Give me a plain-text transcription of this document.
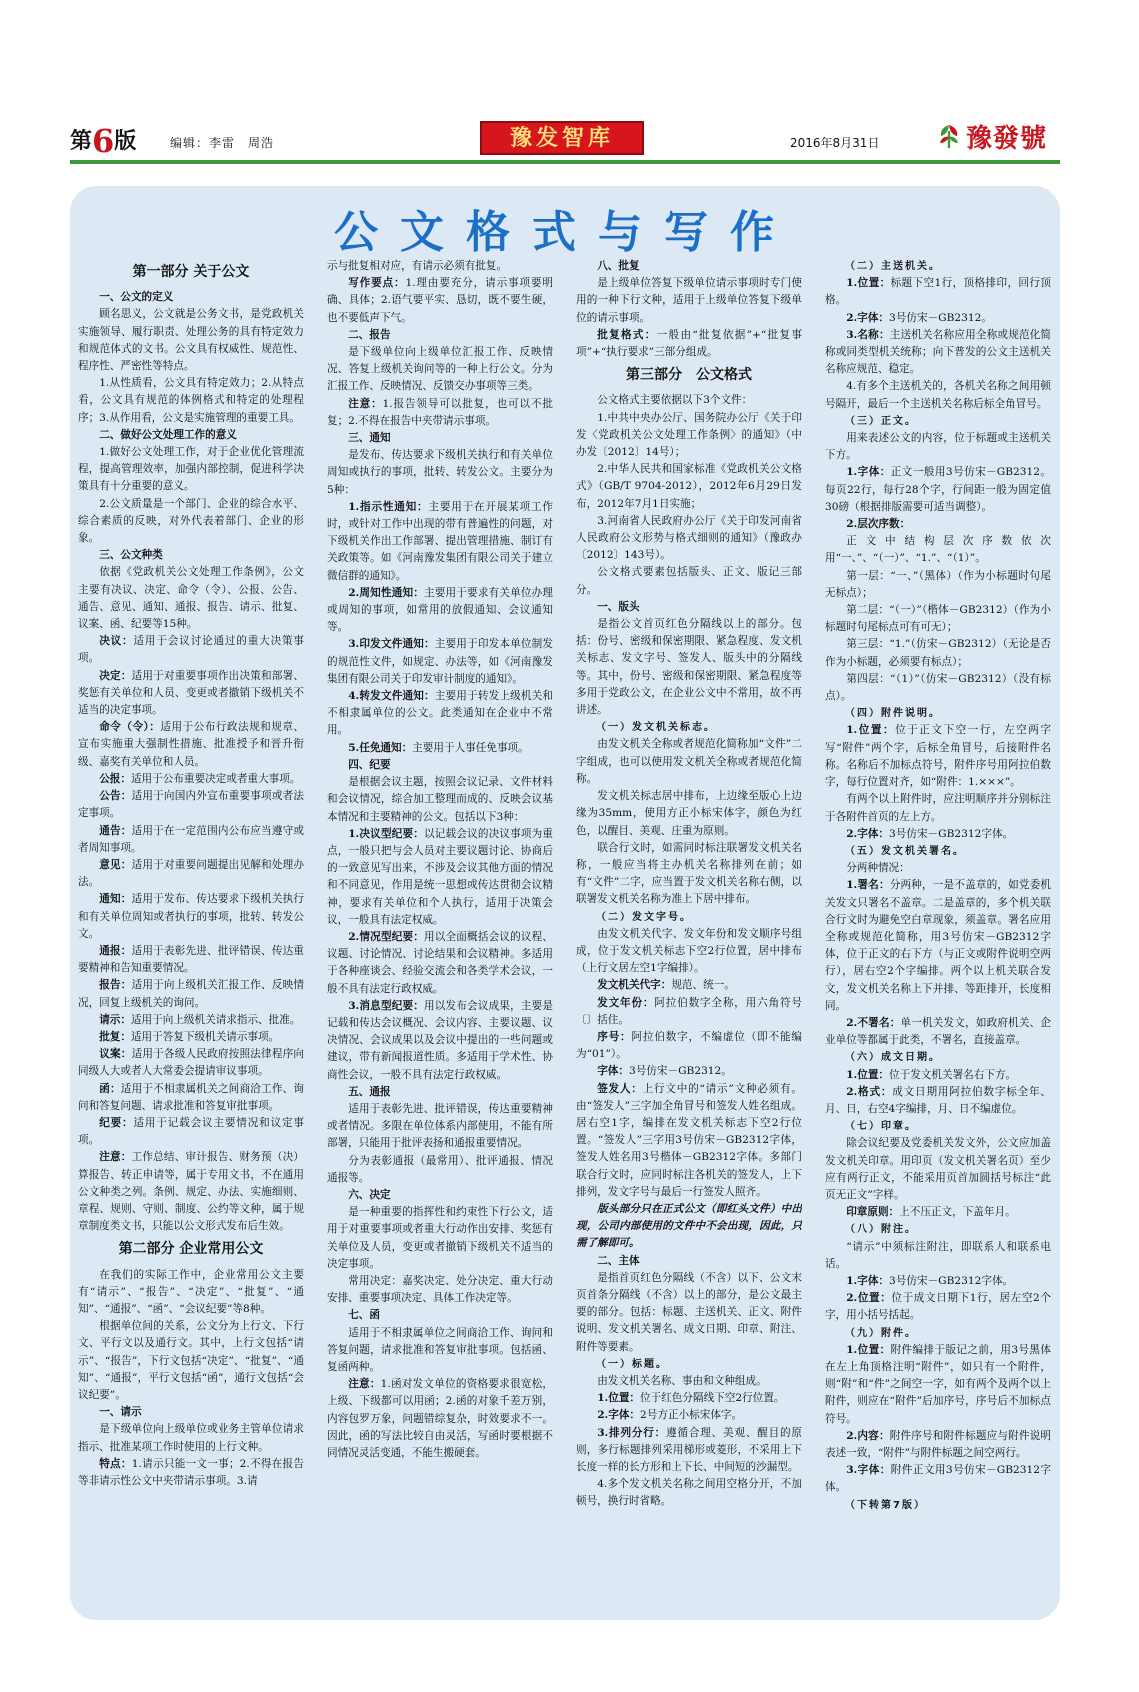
第6版	编辑：李雷　周浩	豫发智库	2016年8月31日	豫發號
公文格式与写作

第一部分 关于公文

一、公文的定义

顾名思义，公文就是公务文书，是党政机关实施领导、履行职责、处理公务的具有特定效力和规范体式的文书。公文具有权威性、规范性、程序性、严密性等特点。

1.从性质看，公文具有特定效力；2.从特点看，公文具有规范的体例格式和特定的处理程序；3.从作用看，公文是实施管理的重要工具。

二、做好公文处理工作的意义

1.做好公文处理工作，对于企业优化管理流程，提高管理效率，加强内部控制，促进科学决策具有十分重要的意义。

2.公文质量是一个部门、企业的综合水平、综合素质的反映，对外代表着部门、企业的形象。

三、公文种类

依据《党政机关公文处理工作条例》，公文主要有决议、决定、命令（令）、公报、公告、通告、意见、通知、通报、报告、请示、批复、议案、函、纪要等15种。

决议：适用于会议讨论通过的重大决策事项。

决定：适用于对重要事项作出决策和部署、奖惩有关单位和人员、变更或者撤销下级机关不适当的决定事项。

命令（令）：适用于公布行政法规和规章、宣布实施重大强制性措施、批准授予和晋升衔级、嘉奖有关单位和人员。

公报：适用于公布重要决定或者重大事项。

公告：适用于向国内外宣布重要事项或者法定事项。

通告：适用于在一定范围内公布应当遵守或者周知事项。

意见：适用于对重要问题提出见解和处理办法。

通知：适用于发布、传达要求下级机关执行和有关单位周知或者执行的事项，批转、转发公文。

通报：适用于表彰先进、批评错误、传达重要精神和告知重要情况。

报告：适用于向上级机关汇报工作、反映情况，回复上级机关的询问。

请示：适用于向上级机关请求指示、批准。

批复：适用于答复下级机关请示事项。

议案：适用于各级人民政府按照法律程序向同级人大或者人大常委会提请审议事项。

函：适用于不相隶属机关之间商洽工作、询问和答复问题、请求批准和答复审批事项。

纪要：适用于记载会议主要情况和议定事项。

注意：工作总结、审计报告、财务预（决）算报告、转正申请等，属于专用文书，不在通用公文种类之列。条例、规定、办法、实施细则、章程、规则、守则、制度、公约等文种，属于规章制度类文书，只能以公文形式发布后生效。

第二部分 企业常用公文

在我们的实际工作中，企业常用公文主要有“请示”、“报告”、“决定”、“批复”、“通知”、“通报”、“函”、“会议纪要”等8种。

根据单位间的关系，公文分为上行文、下行文、平行文以及通行文。其中，上行文包括“请示”、“报告”，下行文包括“决定”、“批复”、“通知”、“通报”，平行文包括“函”，通行文包括“会议纪要”。

一、请示

是下级单位向上级单位或业务主管单位请求指示、批准某项工作时使用的上行文种。

特点：1.请示只能一文一事；2.不得在报告等非请示性公文中夹带请示事项。3.请

示与批复相对应，有请示必须有批复。

写作要点：1.理由要充分，请示事项要明确、具体；2.语气要平实、恳切，既不要生硬，也不要低声下气。

二、报告

是下级单位向上级单位汇报工作、反映情况、答复上级机关询问等的一种上行公文。分为汇报工作、反映情况、反馈交办事项等三类。

注意：1.报告领导可以批复，也可以不批复；2.不得在报告中夹带请示事项。

三、通知

是发布、传达要求下级机关执行和有关单位周知或执行的事项，批转、转发公文。主要分为5种：

1.指示性通知：主要用于在开展某项工作时，或针对工作中出现的带有普遍性的问题，对下级机关作出工作部署、提出管理措施、制订有关政策等。如《河南豫发集团有限公司关于建立微信群的通知》。

2.周知性通知：主要用于要求有关单位办理或周知的事项，如常用的放假通知、会议通知等。

3.印发文件通知：主要用于印发本单位制发的规范性文件，如规定、办法等，如《河南豫发集团有限公司关于印发审计制度的通知》。

4.转发文件通知：主要用于转发上级机关和不相隶属单位的公文。此类通知在企业中不常用。

5.任免通知：主要用于人事任免事项。

四、纪要

是根据会议主题，按照会议记录、文件材料和会议情况，综合加工整理而成的、反映会议基本情况和主要精神的公文。包括以下3种：

1.决议型纪要：以记载会议的决议事项为重点，一般只把与会人员对主要议题讨论、协商后的一致意见写出来，不涉及会议其他方面的情况和不同意见，作用是统一思想或传达贯彻会议精神，要求有关单位和个人执行，适用于决策会议，一般具有法定权威。

2.情况型纪要：用以全面概括会议的议程、议题、讨论情况、讨论结果和会议精神。多适用于各种座谈会、经验交流会和各类学术会议，一般不具有法定行政权威。

3.消息型纪要：用以发布会议成果，主要是记载和传达会议概况、会议内容、主要议题、议决情况、会议成果以及会议中提出的一些问题或建议，带有新闻报道性质。多适用于学术性、协商性会议，一般不具有法定行政权威。

五、通报

适用于表彰先进、批评错误，传达重要精神或者情况。多限在单位体系内部使用，不能有所部署，只能用于批评表扬和通报重要情况。

分为表彰通报（最常用）、批评通报、情况通报等。

六、决定

是一种重要的指挥性和约束性下行公文，适用于对重要事项或者重大行动作出安排、奖惩有关单位及人员，变更或者撤销下级机关不适当的决定事项。

常用决定：嘉奖决定、处分决定、重大行动安排、重要事项决定、具体工作决定等。

七、函

适用于不相隶属单位之间商洽工作、询问和答复问题，请求批准和答复审批事项。包括函、复函两种。

注意：1.函对发文单位的资格要求很宽松，上级、下级都可以用函；2.函的对象千差万别，内容包罗万象，问题错综复杂，时效要求不一。因此，函的写法比较自由灵活，写函时要根据不同情况灵活变通，不能生搬硬套。

八、批复

是上级单位答复下级单位请示事项时专门使用的一种下行文种，适用于上级单位答复下级单位的请示事项。

批复格式：一般由“批复依据”+“批复事项”+“执行要求”三部分组成。

第三部分　公文格式

公文格式主要依据以下3个文件：

1.中共中央办公厅、国务院办公厅《关于印发〈党政机关公文处理工作条例〉的通知》（中办发〔2012〕14号）；

2.中华人民共和国家标准《党政机关公文格式》（GB/T 9704-2012），2012年6月29日发布，2012年7月1日实施；

3.河南省人民政府办公厅《关于印发河南省人民政府公文形势与格式细则的通知》（豫政办〔2012〕143号）。

公文格式要素包括版头、正文、版记三部分。

一、版头

是指公文首页红色分隔线以上的部分。包括：份号、密级和保密期限、紧急程度、发文机关标志、发文字号、签发人、版头中的分隔线等。其中，份号、密级和保密期限、紧急程度等多用于党政公文，在企业公文中不常用，故不再讲述。

（一）发文机关标志。

由发文机关全称或者规范化简称加“文件”二字组成，也可以使用发文机关全称或者规范化简称。

发文机关标志居中排布，上边缘至版心上边缘为35mm，使用方正小标宋体字，颜色为红色，以醒目、美观、庄重为原则。

联合行文时，如需同时标注联署发文机关名称，一般应当将主办机关名称排列在前；如有“文件”二字，应当置于发文机关名称右侧，以联署发文机关名称为准上下居中排布。

（二）发文字号。

由发文机关代字、发文年份和发文顺序号组成，位于发文机关标志下空2行位置，居中排布（上行文居左空1字编排）。

发文机关代字：规范、统一。

发文年份：阿拉伯数字全称，用六角符号〔〕括住。

序号：阿拉伯数字，不编虚位（即不能编为“01”）。

字体：3号仿宋－GB2312。

签发人：上行文中的“请示”文种必须有。由“签发人”三字加全角冒号和签发人姓名组成。居右空1字，编排在发文机关标志下空2行位置。“签发人”三字用3号仿宋－GB2312字体，签发人姓名用3号楷体－GB2312字体。多部门联合行文时，应同时标注各机关的签发人，上下排列，发文字号与最后一行签发人照齐。

版头部分只在正式公文（即红头文件）中出现，公司内部使用的文件中不会出现，因此，只需了解即可。

二、主体

是指首页红色分隔线（不含）以下、公文末页首条分隔线（不含）以上的部分，是公文最主要的部分。包括：标题、主送机关、正文、附件说明、发文机关署名、成文日期、印章、附注、附件等要素。

（一）标题。

由发文机关名称、事由和文种组成。

1.位置：位于红色分隔线下空2行位置。

2.字体：2号方正小标宋体字。

3.排列分行：遵循合理、美观、醒目的原则，多行标题排列采用梯形或菱形，不采用上下长度一样的长方形和上下长、中间短的沙漏型。

4.多个发文机关名称之间用空格分开，不加顿号，换行时省略。

（二）主送机关。

1.位置：标题下空1行，顶格排印，回行顶格。

2.字体：3号仿宋－GB2312。

3.名称：主送机关名称应用全称或规范化简称或同类型机关统称；向下普发的公文主送机关名称应规范、稳定。

4.有多个主送机关的，各机关名称之间用顿号隔开，最后一个主送机关名称后标全角冒号。

（三）正文。

用来表述公文的内容，位于标题或主送机关下方。

1.字体：正文一般用3号仿宋－GB2312。每页22行，每行28个字，行间距一般为固定值30磅（根据排版需要可适当调整）。

2.层次序数：

正文中结构层次序数依次用“一、”、“（一）”、“1.”、“（1）”。

第一层：“一、”（黑体）（作为小标题时句尾无标点）；

第二层：“（一）”（楷体－GB2312）（作为小标题时句尾标点可有可无）；

第三层：“1.”（仿宋－GB2312）（无论是否作为小标题，必须要有标点）；

第四层：“（1）”（仿宋－GB2312）（没有标点）。

（四）附件说明。

1.位置：位于正文下空一行，左空两字写“附件”两个字，后标全角冒号，后接附件名称。名称后不加标点符号，附件序号用阿拉伯数字，每行位置对齐，如“附件：1.×××”。

有两个以上附件时，应注明顺序并分别标注于各附件首页的左上方。

2.字体：3号仿宋－GB2312字体。

（五）发文机关署名。

分两种情况：

1.署名：分两种，一是不盖章的，如党委机关发文只署名不盖章。二是盖章的，多个机关联合行文时为避免空白章现象，须盖章。署名应用全称或规范化简称，用3号仿宋－GB2312字体，位于正文的右下方（与正文或附件说明空两行），居右空2个字编排。两个以上机关联合发文，发文机关名称上下并排、等距排开，长度相同。

2.不署名：单一机关发文，如政府机关、企业单位等都属于此类，不署名，直接盖章。

（六）成文日期。

1.位置：位于发文机关署名右下方。

2.格式：成文日期用阿拉伯数字标全年、月、日，右空4字编排，月、日不编虚位。

（七）印章。

除会议纪要及党委机关发文外，公文应加盖发文机关印章。用印页（发文机关署名页）至少应有两行正文，不能采用页首加圆括号标注“此页无正文”字样。

印章原则：上不压正文，下盖年月。

（八）附注。

“请示”中须标注附注，即联系人和联系电话。

1.字体：3号仿宋－GB2312字体。

2.位置：位于成文日期下1行，居左空2个字，用小括号括起。

（九）附件。

1.位置：附件编排于版记之前，用3号黑体在左上角顶格注明“附件”，如只有一个附件，则“附”和“件”之间空一字，如有两个及两个以上附件，则应在“附件”后加序号，序号后不加标点符号。

2.内容：附件序号和附件标题应与附件说明表述一致，“附件”与附件标题之间空两行。

3.字体：附件正文用3号仿宋－GB2312字体。

（下转第7版）
